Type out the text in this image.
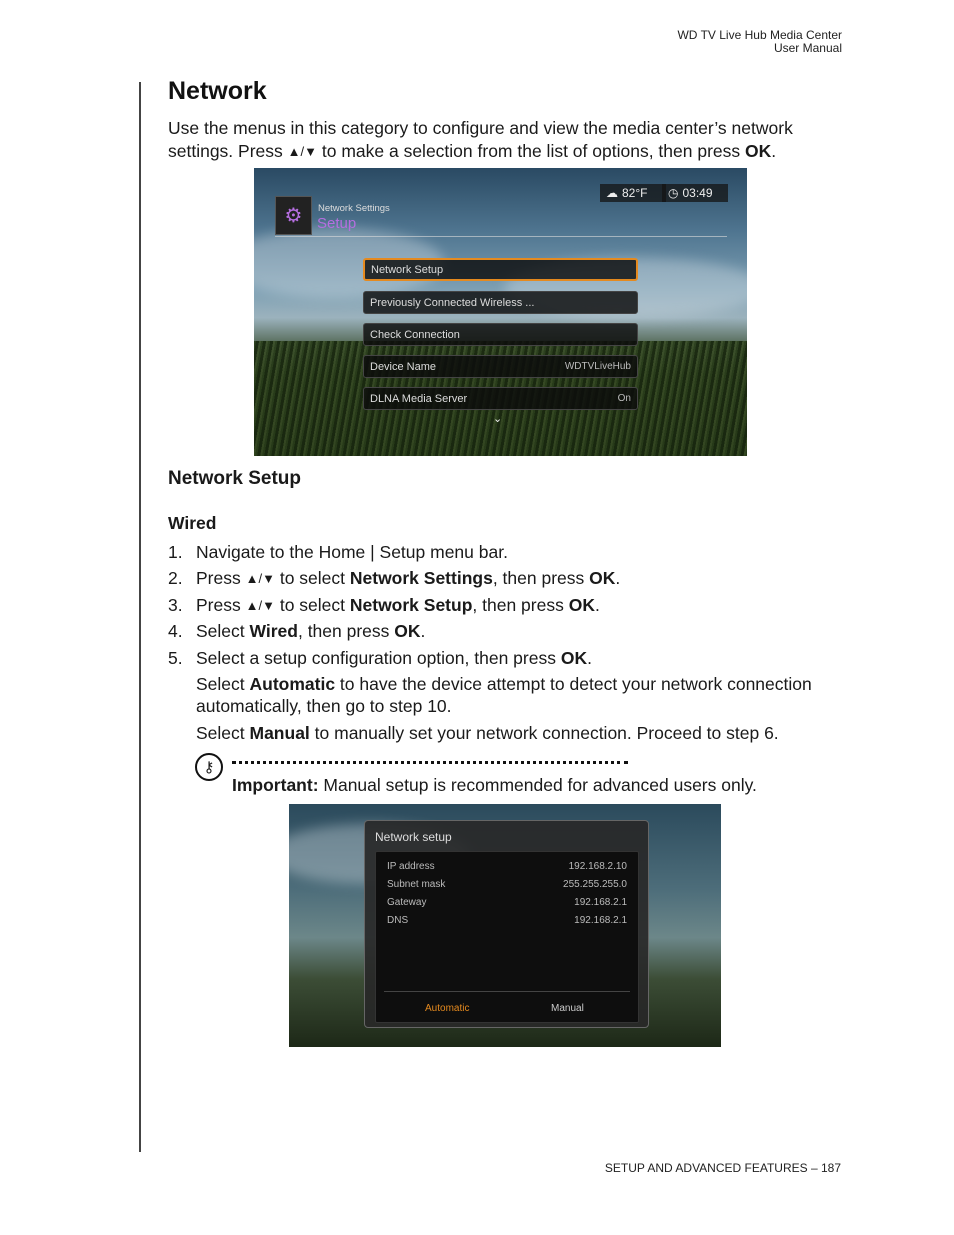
WD TV Live Hub Media Center
User Manual
Network
Use the menus in this category to configure and view the media center’s network settings. Press ▲/▼ to make a selection from the list of options, then press OK.
☁ 82°F ◷ 03:49
⚙	Network Settings
Setup
Network Setup
Previously Connected Wireless ...
Check Connection
Device Name	WDTVLiveHub
DLNA Media Server	On
⌄
Network Setup
Wired
1. Navigate to the Home | Setup menu bar.
2. Press ▲/▼ to select Network Settings, then press OK.
3. Press ▲/▼ to select Network Setup, then press OK.
4. Select Wired, then press OK.
5. Select a setup configuration option, then press OK.
Select Automatic to have the device attempt to detect your network connection automatically, then go to step 10.
Select Manual to manually set your network connection. Proceed to step 6.
⚷
Important: Manual setup is recommended for advanced users only.
Network setup
IP address	192.168.2.10
Subnet mask	255.255.255.0
Gateway	192.168.2.1
DNS	192.168.2.1
Automatic	Manual
SETUP AND ADVANCED FEATURES – 187
